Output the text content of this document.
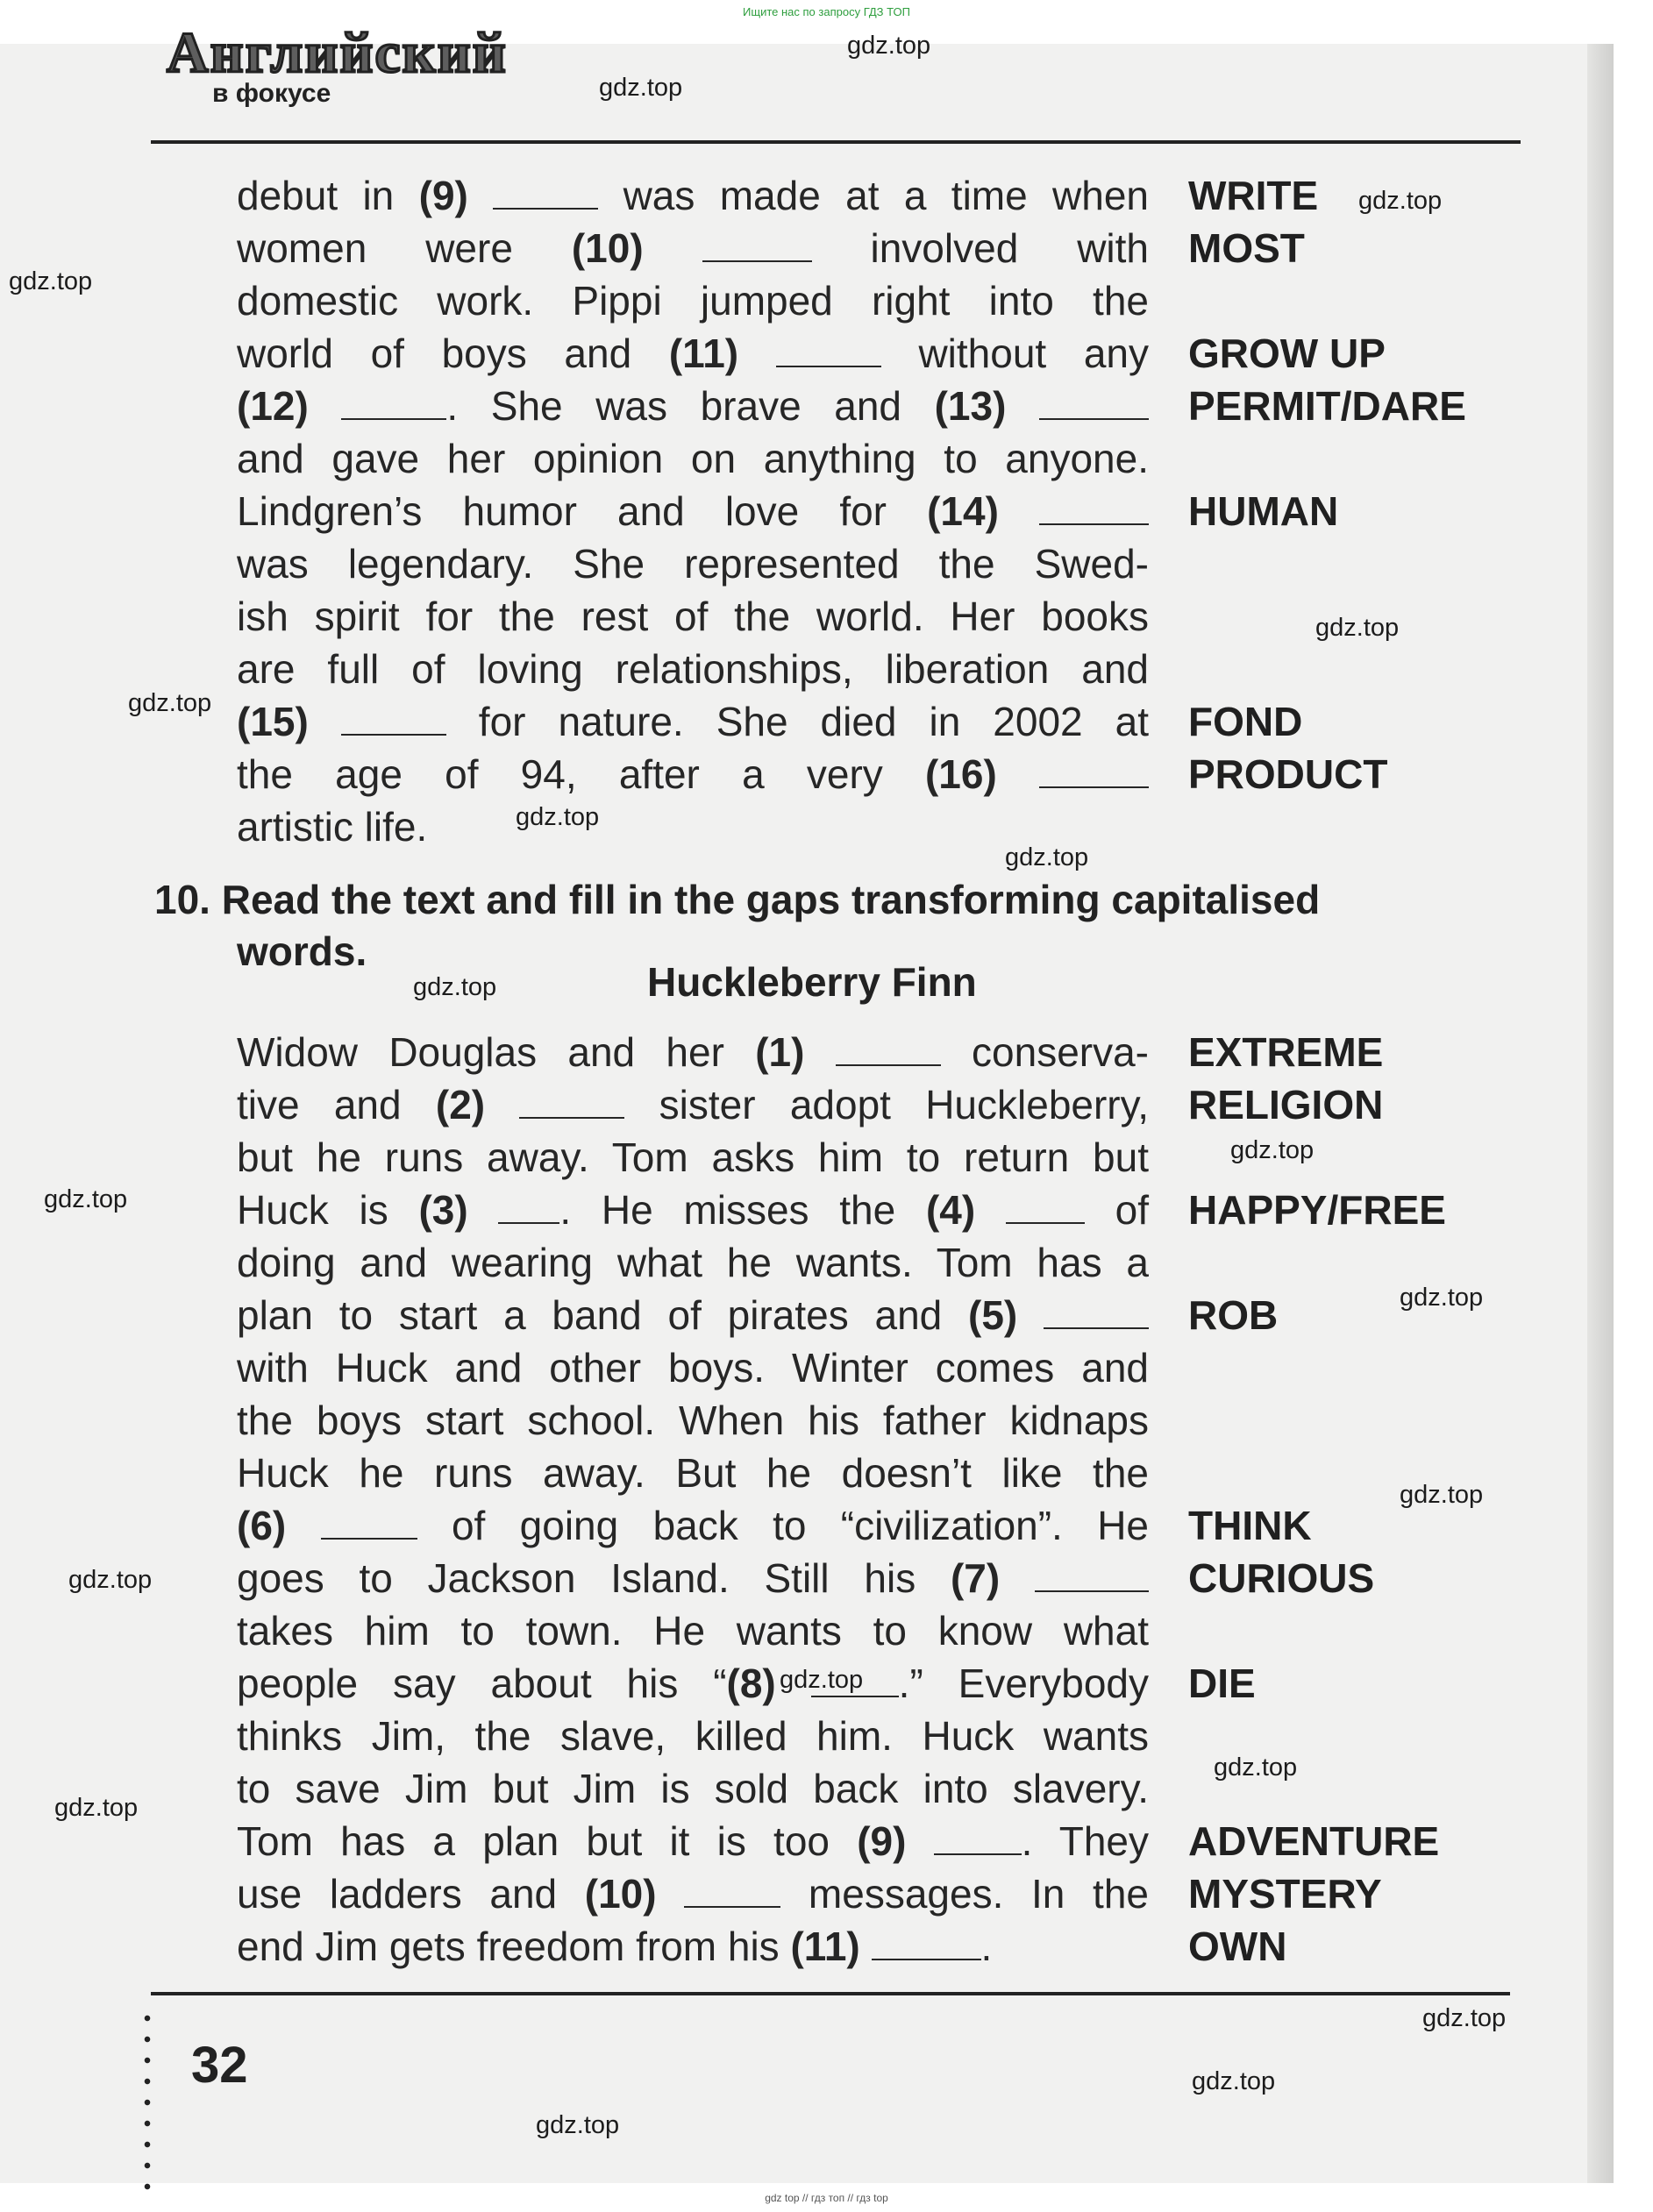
Ищите нас по запросу ГДЗ ТОП
Английский
в фокусе
debut in (9)	was made at a time when WRITE
women were (10)	involved with MOST
domestic work. Pippi jumped right into the
world of boys and (11)	without any GROW UP
(12)	. She was brave and (13)	PERMIT/DARE
and gave her opinion on anything to anyone.
Lindgren’s humor and love for (14)	HUMAN
was legendary. She represented the Swed-
ish spirit for the rest of the world. Her books
are full of loving relationships, liberation and
(15)	for nature. She died in 2002 at FOND
the age of 94, after a very (16)	PRODUCT
artistic life.
10. Read the text and fill in the gaps transforming capitalised
words.
Huckleberry Finn
Widow Douglas and her (1)	conserva- EXTREME
tive and (2)	sister adopt Huckleberry, RELIGION
but he runs away. Tom asks him to return but
Huck is (3) . He misses the (4)	of HAPPY/FREE
doing and wearing what he wants. Tom has a
plan to start a band of pirates and (5)	ROB
with Huck and other boys. Winter comes and
the boys start school. When his father kidnaps
Huck he runs away. But he doesn’t like the
(6)	of going back to “civilization”. He THINK
goes to Jackson Island. Still his (7)	CURIOUS
takes him to town. He wants to know what
people say about his “(8)	.” Everybody DIE
thinks Jim, the slave, killed him. Huck wants
to save Jim but Jim is sold back into slavery.
Tom has a plan but it is too (9)	. They ADVENTURE
use ladders and (10)	messages. In the MYSTERY
end Jim gets freedom from his (11)	.	OWN
32
gdz.top
gdz.top
gdz.top
gdz.top
gdz.top
gdz.top
gdz.top
gdz.top
gdz.top
gdz.top
gdz.top
gdz.top
gdz.top
gdz.top
gdz.top
gdz.top
gdz.top
gdz.top
gdz.top
gdz.top
gdz top // гдз топ // гдз top
